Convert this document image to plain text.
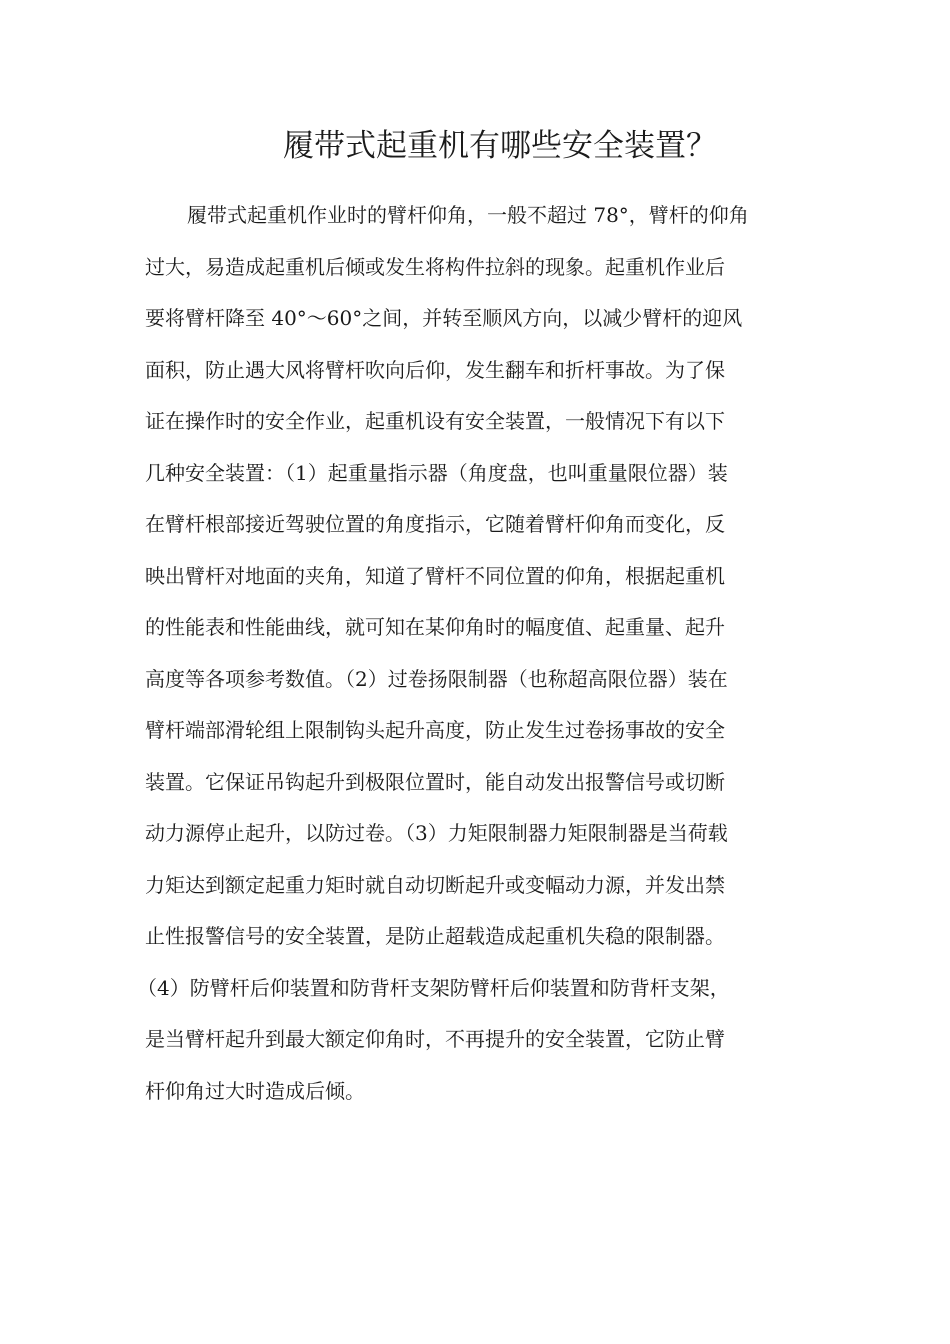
履带式起重机有哪些安全装置？
履带式起重机作业时的臂杆仰角，一般不超过 78°，臂杆的仰角
过大，易造成起重机后倾或发生将构件拉斜的现象。起重机作业后
要将臂杆降至 40°～60°之间，并转至顺风方向，以减少臂杆的迎风
面积，防止遇大风将臂杆吹向后仰，发生翻车和折杆事故。为了保
证在操作时的安全作业，起重机设有安全装置，一般情况下有以下
几种安全装置：（1）起重量指示器（角度盘，也叫重量限位器）装
在臂杆根部接近驾驶位置的角度指示，它随着臂杆仰角而变化，反
映出臂杆对地面的夹角，知道了臂杆不同位置的仰角，根据起重机
的性能表和性能曲线，就可知在某仰角时的幅度值、起重量、起升
高度等各项参考数值。（2）过卷扬限制器（也称超高限位器）装在
臂杆端部滑轮组上限制钩头起升高度，防止发生过卷扬事故的安全
装置。它保证吊钩起升到极限位置时，能自动发出报警信号或切断
动力源停止起升，以防过卷。（3）力矩限制器力矩限制器是当荷载
力矩达到额定起重力矩时就自动切断起升或变幅动力源，并发出禁
止性报警信号的安全装置，是防止超载造成起重机失稳的限制器。
（4）防臂杆后仰装置和防背杆支架防臂杆后仰装置和防背杆支架，
是当臂杆起升到最大额定仰角时，不再提升的安全装置，它防止臂
杆仰角过大时造成后倾。
